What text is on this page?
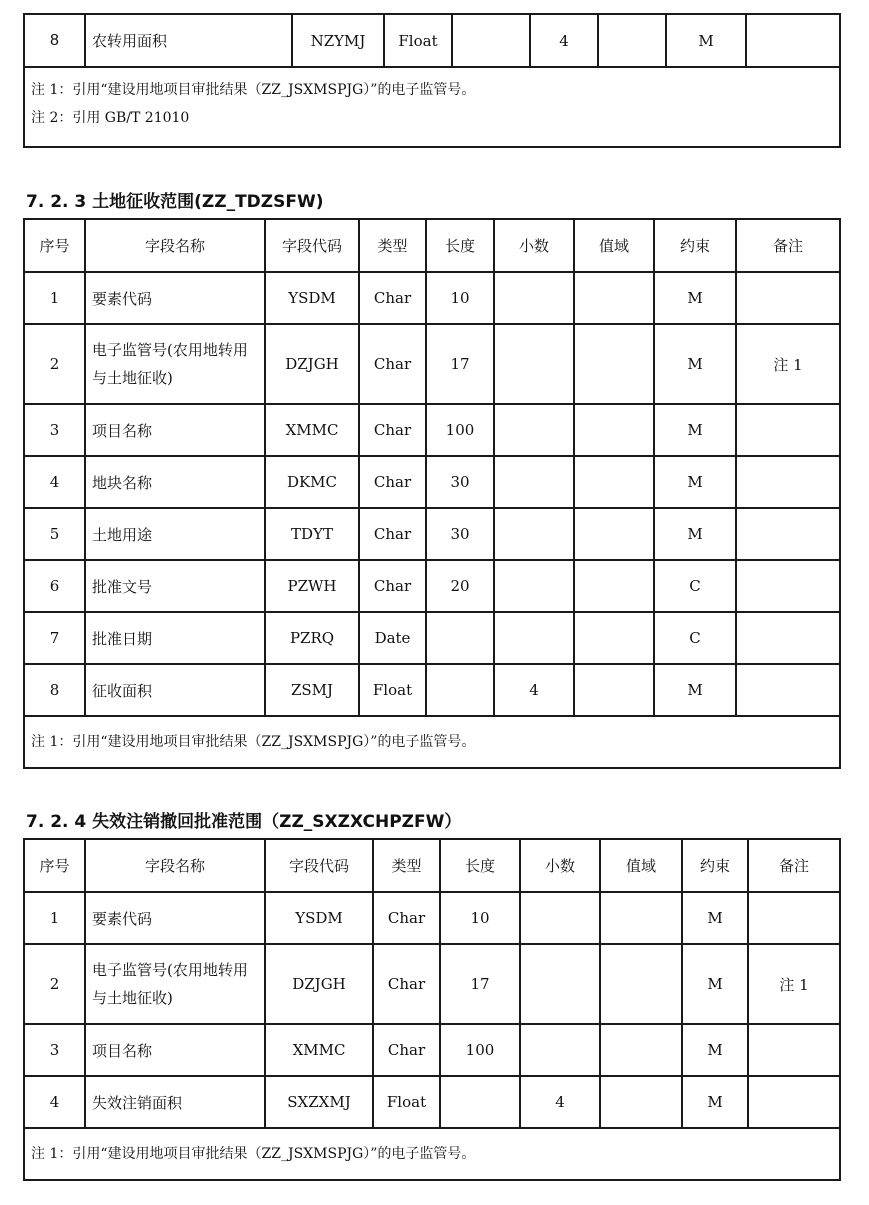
8	农转用面积	NZYMJ	Float		4		M	

注 1：引用“建设用地项目审批结果（ZZ_JSXMSPJG）”的电子监管号。
注 2：引用 GB/T 21010
7. 2. 3 土地征收范围(ZZ_TDZSFW)
序号	字段名称	字段代码	类型	长度	小数	值域	约束	备注
1	要素代码	YSDM	Char	10			M	
2	电子监管号(农用地转用与土地征收)	DZJGH	Char	17			M	注 1
3	项目名称	XMMC	Char	100			M	
4	地块名称	DKMC	Char	30			M	
5	土地用途	TDYT	Char	30			M	
6	批准文号	PZWH	Char	20			C	
7	批准日期	PZRQ	Date				C	
8	征收面积	ZSMJ	Float		4		M	
注 1：引用“建设用地项目审批结果（ZZ_JSXMSPJG）”的电子监管号。								
7. 2. 4 失效注销撤回批准范围（ZZ_SXZXCHPZFW）
序号	字段名称	字段代码	类型	长度	小数	值域	约束	备注
1	要素代码	YSDM	Char	10			M	
2	电子监管号(农用地转用与土地征收)	DZJGH	Char	17			M	注 1
3	项目名称	XMMC	Char	100			M	
4	失效注销面积	SXZXMJ	Float		4		M	
注 1：引用“建设用地项目审批结果（ZZ_JSXMSPJG）”的电子监管号。								
